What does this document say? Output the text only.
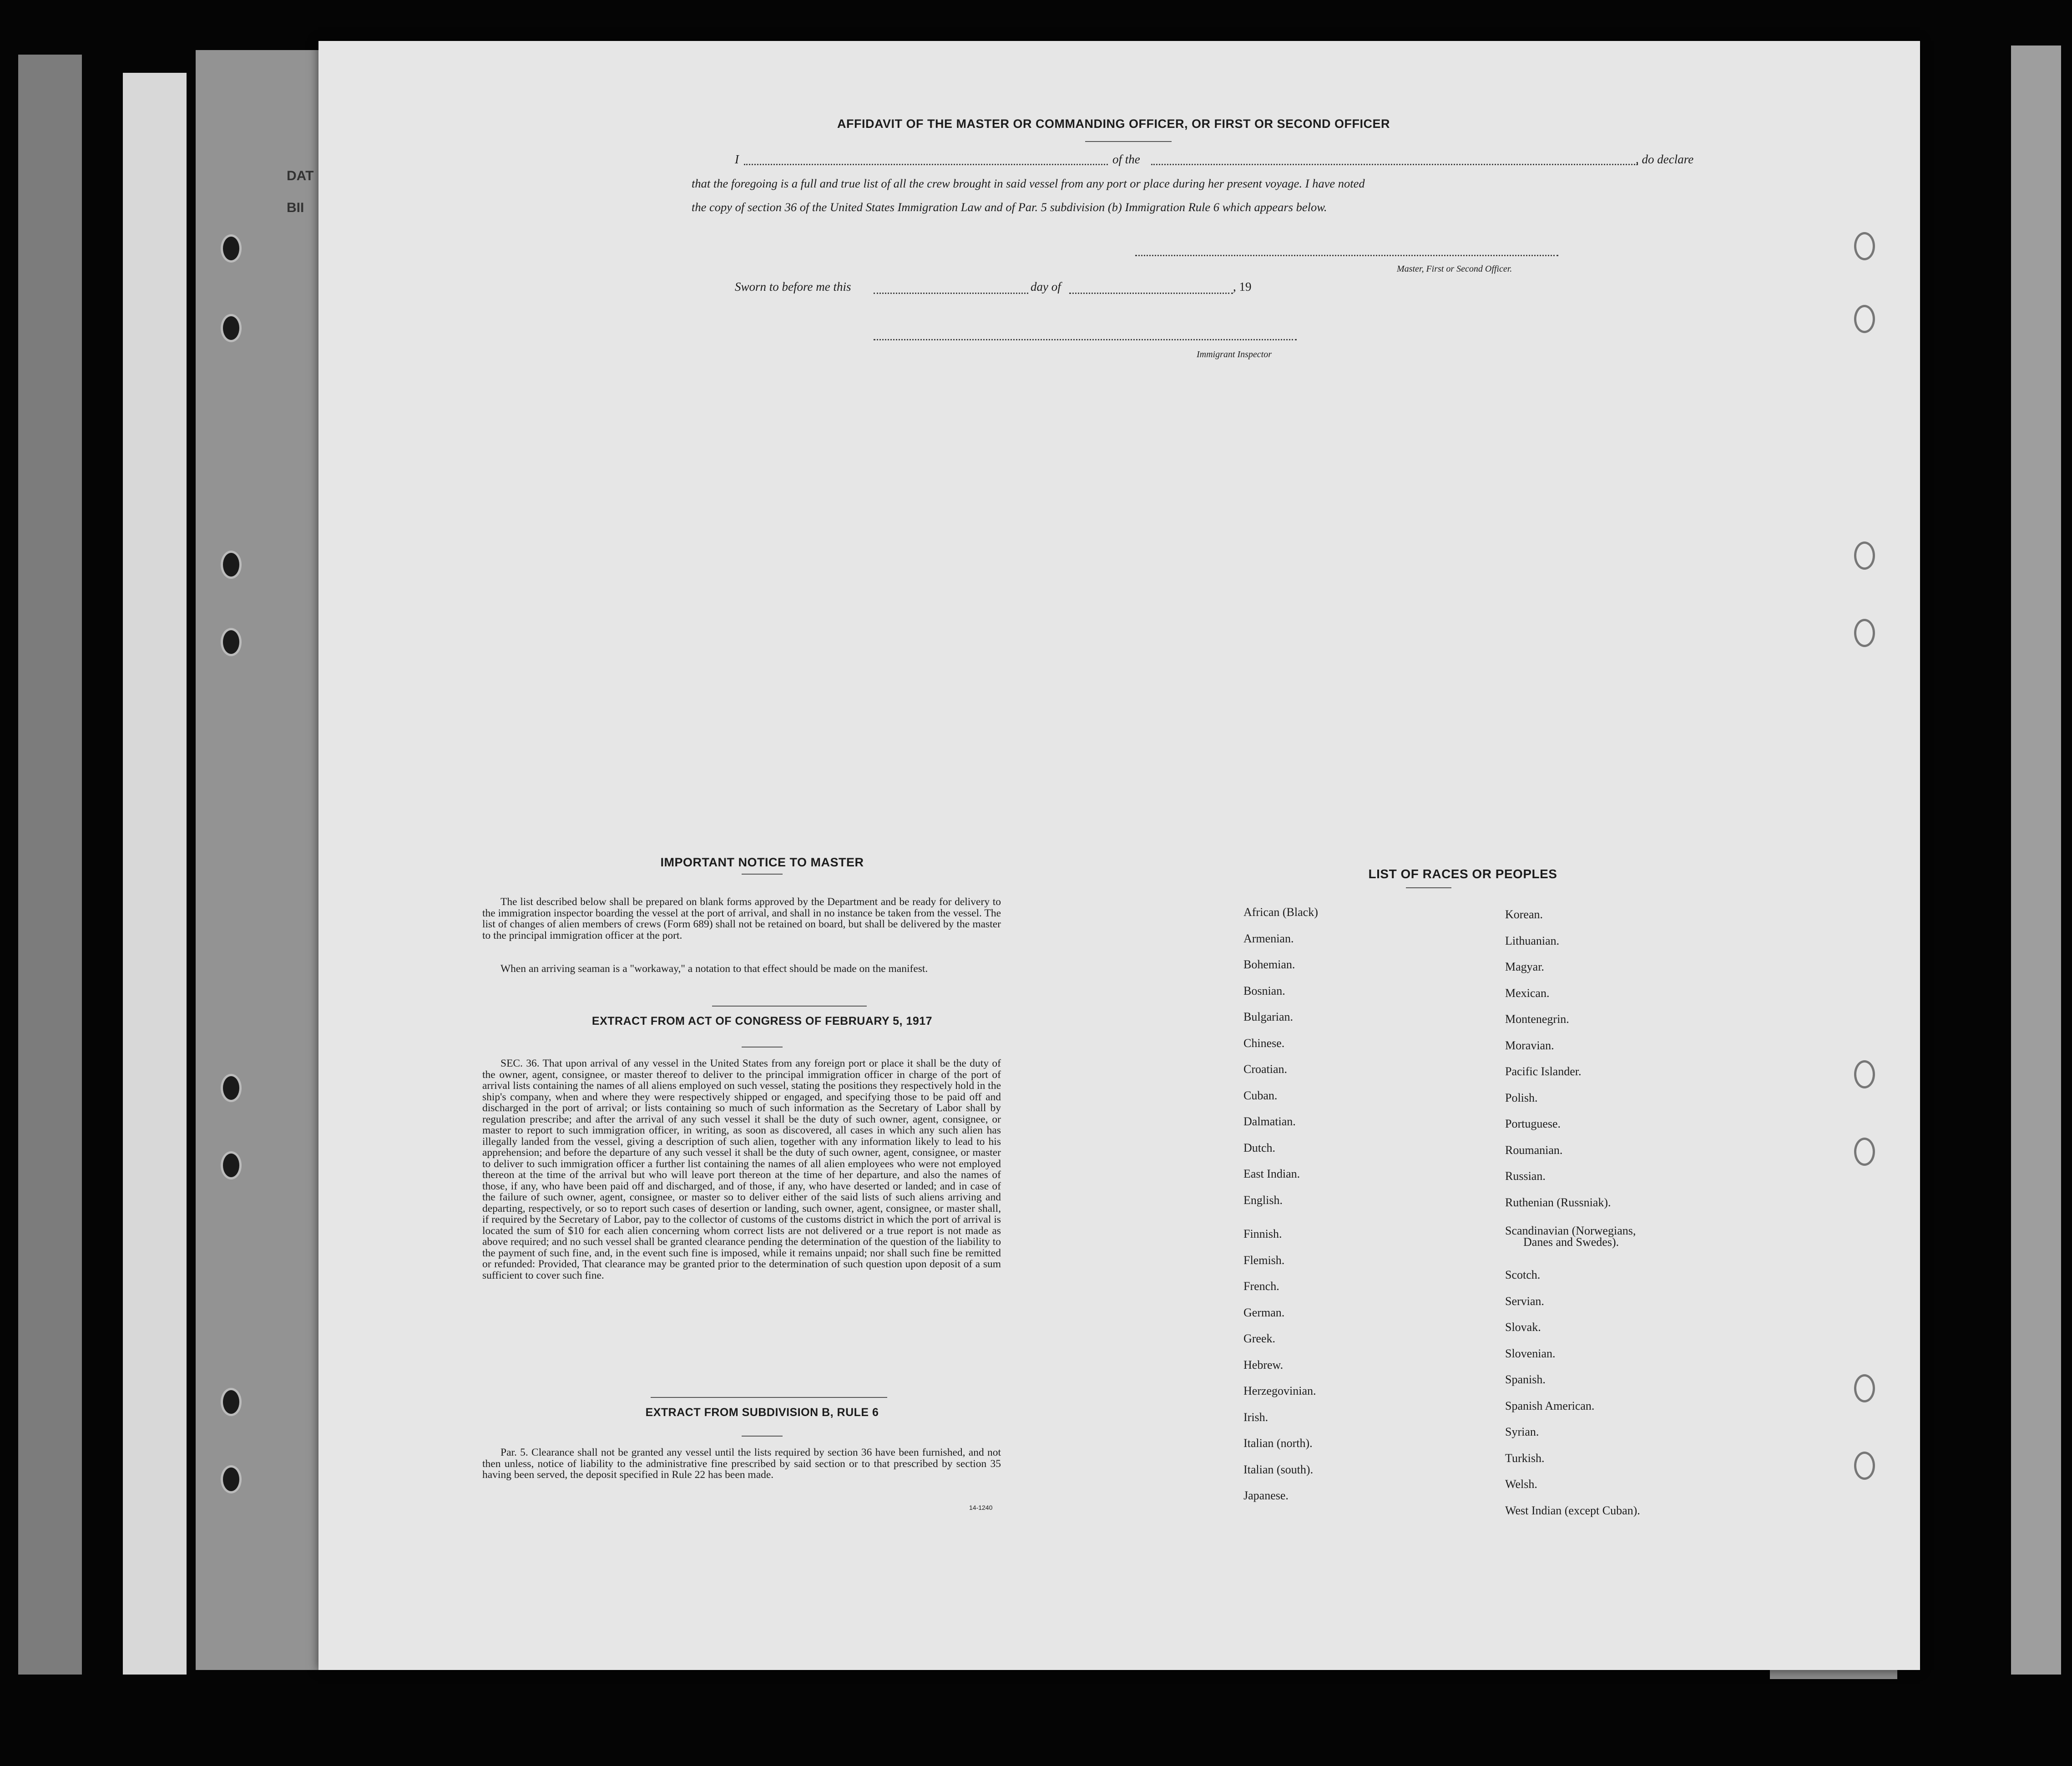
DAT
BII
AFFIDAVIT OF THE MASTER OR COMMANDING OFFICER, OR FIRST OR SECOND OFFICER
I	of the	, do declare
that the foregoing is a full and true list of all the crew brought in said vessel from any port or place during her present voyage. I have noted
the copy of section 36 of the United States Immigration Law and of Par. 5 subdivision (b) Immigration Rule 6 which appears below.
Master, First or Second Officer.
Sworn to before me this	day of	, 19
Immigrant Inspector
IMPORTANT NOTICE TO MASTER
The list described below shall be prepared on blank forms approved by the Department and be ready for delivery to the immigration inspector boarding the vessel at the port of arrival, and shall in no instance be taken from the vessel. The list of changes of alien members of crews (Form 689) shall not be retained on board, but shall be delivered by the master to the principal immigration officer at the port.
When an arriving seaman is a "workaway," a notation to that effect should be made on the manifest.
EXTRACT FROM ACT OF CONGRESS OF FEBRUARY 5, 1917
SEC. 36. That upon arrival of any vessel in the United States from any foreign port or place it shall be the duty of the owner, agent, consignee, or master thereof to deliver to the principal immigration officer in charge of the port of arrival lists containing the names of all aliens employed on such vessel, stating the positions they respectively hold in the ship's company, when and where they were respectively shipped or engaged, and specifying those to be paid off and discharged in the port of arrival; or lists containing so much of such information as the Secretary of Labor shall by regulation prescribe; and after the arrival of any such vessel it shall be the duty of such owner, agent, consignee, or master to report to such immigration officer, in writing, as soon as discovered, all cases in which any such alien has illegally landed from the vessel, giving a description of such alien, together with any information likely to lead to his apprehension; and before the departure of any such vessel it shall be the duty of such owner, agent, consignee, or master to deliver to such immigration officer a further list containing the names of all alien employees who were not employed thereon at the time of the arrival but who will leave port thereon at the time of her departure, and also the names of those, if any, who have been paid off and discharged, and of those, if any, who have deserted or landed; and in case of the failure of such owner, agent, consignee, or master so to deliver either of the said lists of such aliens arriving and departing, respectively, or so to report such cases of desertion or landing, such owner, agent, consignee, or master shall, if required by the Secretary of Labor, pay to the collector of customs of the customs district in which the port of arrival is located the sum of $10 for each alien concerning whom correct lists are not delivered or a true report is not made as above required; and no such vessel shall be granted clearance pending the determination of the question of the liability to the payment of such fine, and, in the event such fine is imposed, while it remains unpaid; nor shall such fine be remitted or refunded: Provided, That clearance may be granted prior to the determination of such question upon deposit of a sum sufficient to cover such fine.
EXTRACT FROM SUBDIVISION B, RULE 6
Par. 5. Clearance shall not be granted any vessel until the lists required by section 36 have been furnished, and not then unless, notice of liability to the administrative fine prescribed by said section or to that prescribed by section 35 having been served, the deposit specified in Rule 22 has been made.
14-1240
LIST OF RACES OR PEOPLES
African (Black)
Armenian.
Bohemian.
Bosnian.
Bulgarian.
Chinese.
Croatian.
Cuban.
Dalmatian.
Dutch.
East Indian.
English.
Finnish.
Flemish.
French.
German.
Greek.
Hebrew.
Herzegovinian.
Irish.
Italian (north).
Italian (south).
Japanese.
Korean.
Lithuanian.
Magyar.
Mexican.
Montenegrin.
Moravian.
Pacific Islander.
Polish.
Portuguese.
Roumanian.
Russian.
Ruthenian (Russniak).
Scandinavian (Norwegians,
Danes and Swedes).
Scotch.
Servian.
Slovak.
Slovenian.
Spanish.
Spanish American.
Syrian.
Turkish.
Welsh.
West Indian (except Cuban).
